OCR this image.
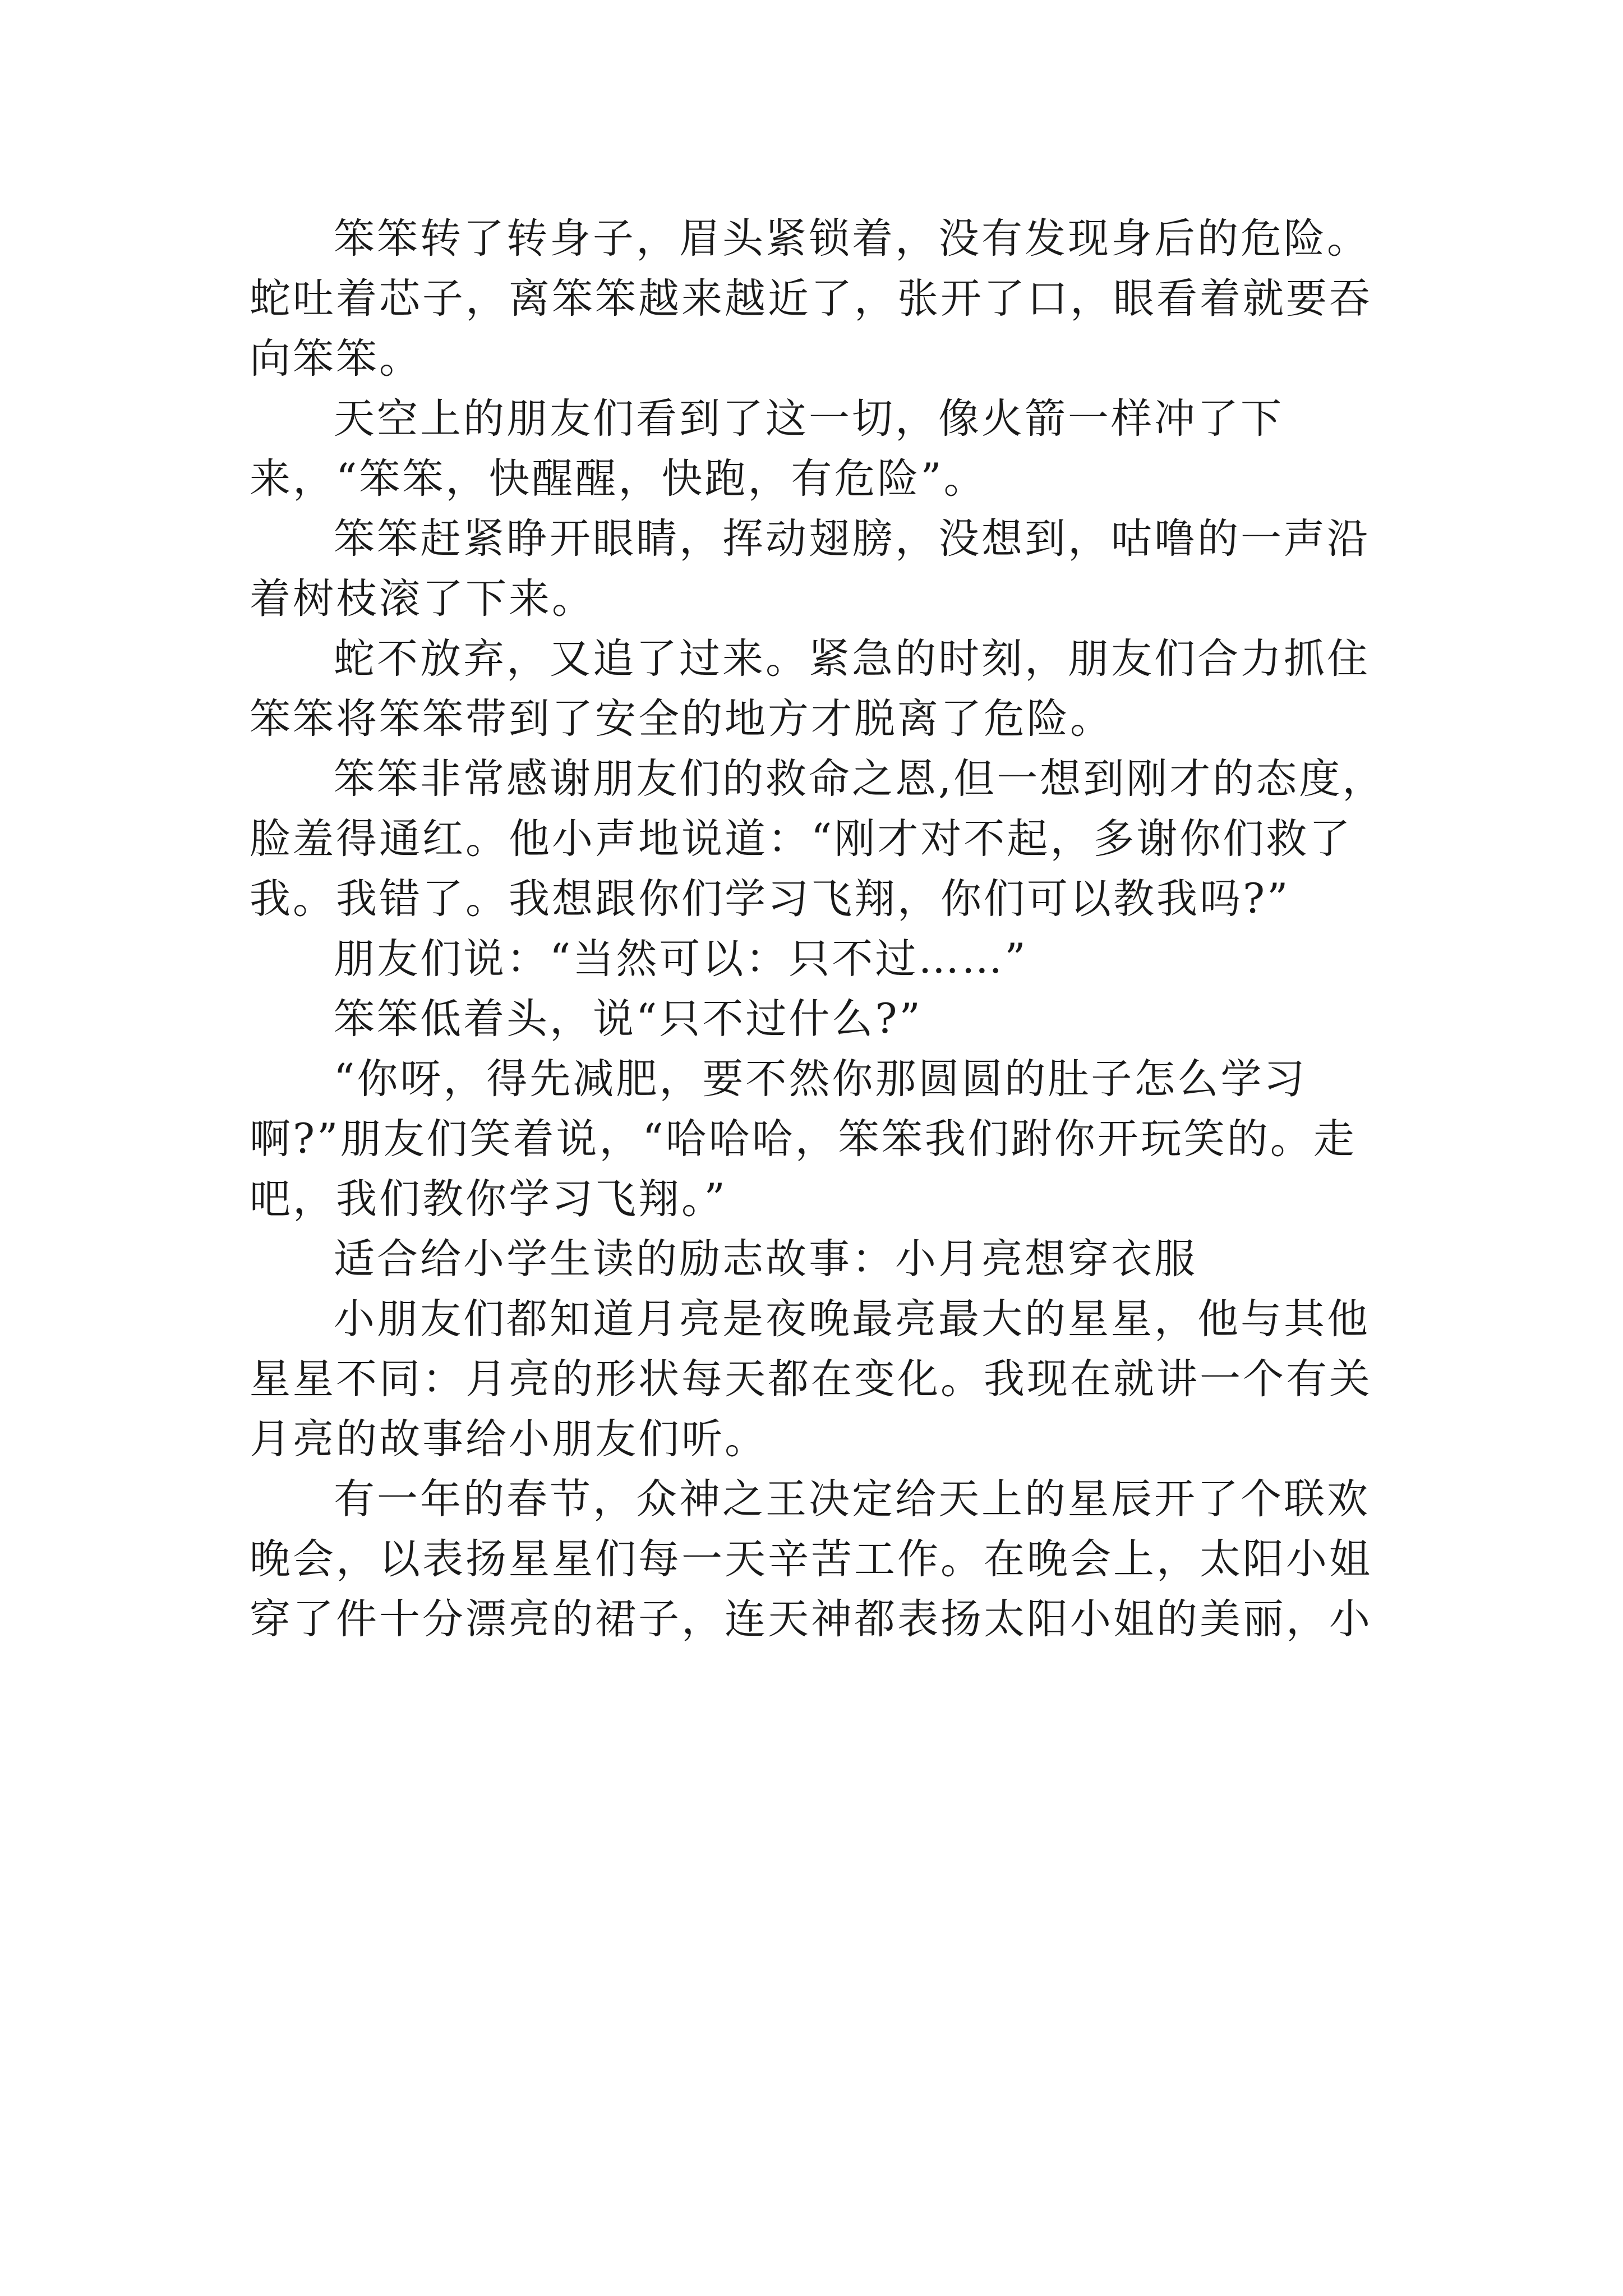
笨笨转了转身子，眉头紧锁着，没有发现身后的危险。蛇吐着芯子，离笨笨越来越近了，张开了口，眼看着就要吞向笨笨。

天空上的朋友们看到了这一切，像火箭一样冲了下来，“笨笨，快醒醒，快跑，有危险”。

笨笨赶紧睁开眼睛，挥动翅膀，没想到，咕噜的一声沿着树枝滚了下来。

蛇不放弃，又追了过来。紧急的时刻，朋友们合力抓住笨笨将笨笨带到了安全的地方才脱离了危险。

笨笨非常感谢朋友们的救命之恩,但一想到刚才的态度，脸羞得通红。他小声地说道：“刚才对不起，多谢你们救了我。我错了。我想跟你们学习飞翔，你们可以教我吗?”

朋友们说：“当然可以：只不过……”

笨笨低着头，说“只不过什么?”

“你呀，得先减肥，要不然你那圆圆的肚子怎么学习啊?”朋友们笑着说，“哈哈哈，笨笨我们跗你开玩笑的。走吧，我们教你学习飞翔。”

适合给小学生读的励志故事：小月亮想穿衣服

小朋友们都知道月亮是夜晚最亮最大的星星，他与其他星星不同：月亮的形状每天都在变化。我现在就讲一个有关月亮的故事给小朋友们听。

有一年的春节，众神之王决定给天上的星辰开了个联欢晚会，以表扬星星们每一天辛苦工作。在晚会上，太阳小姐穿了件十分漂亮的裙子，连天神都表扬太阳小姐的美丽，小
